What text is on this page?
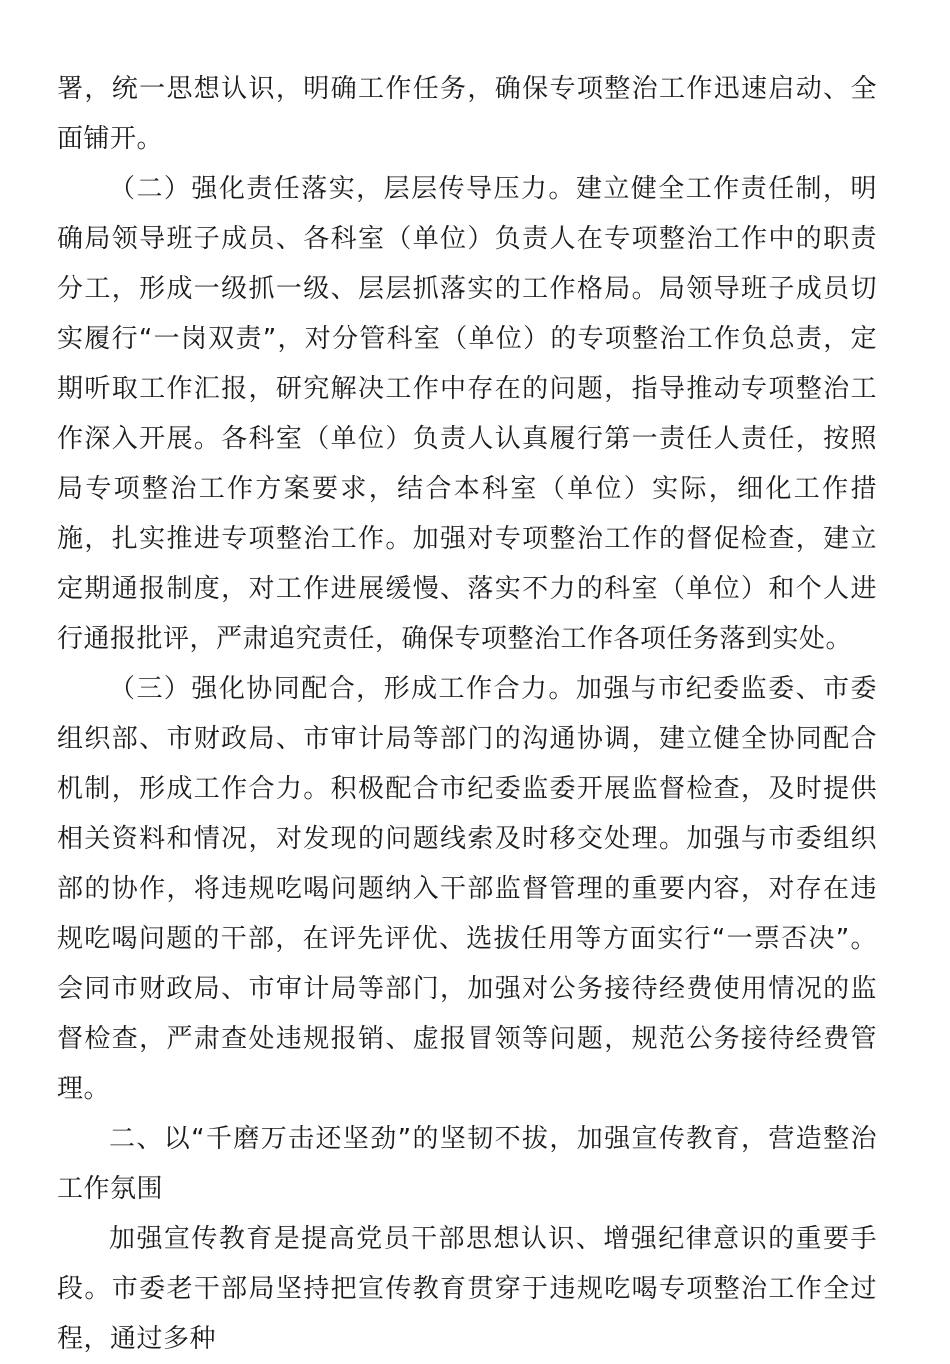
署，统一思想认识，明确工作任务，确保专项整治工作迅速启动、全面铺开。

（二）强化责任落实，层层传导压力。建立健全工作责任制，明确局领导班子成员、各科室（单位）负责人在专项整治工作中的职责分工，形成一级抓一级、层层抓落实的工作格局。局领导班子成员切实履行“一岗双责”，对分管科室（单位）的专项整治工作负总责，定期听取工作汇报，研究解决工作中存在的问题，指导推动专项整治工作深入开展。各科室（单位）负责人认真履行第一责任人责任，按照局专项整治工作方案要求，结合本科室（单位）实际，细化工作措施，扎实推进专项整治工作。加强对专项整治工作的督促检查，建立定期通报制度，对工作进展缓慢、落实不力的科室（单位）和个人进行通报批评，严肃追究责任，确保专项整治工作各项任务落到实处。

（三）强化协同配合，形成工作合力。加强与市纪委监委、市委组织部、市财政局、市审计局等部门的沟通协调，建立健全协同配合机制，形成工作合力。积极配合市纪委监委开展监督检查，及时提供相关资料和情况，对发现的问题线索及时移交处理。加强与市委组织部的协作，将违规吃喝问题纳入干部监督管理的重要内容，对存在违规吃喝问题的干部，在评先评优、选拔任用等方面实行“一票否决”。会同市财政局、市审计局等部门，加强对公务接待经费使用情况的监督检查，严肃查处违规报销、虚报冒领等问题，规范公务接待经费管理。

二、以“千磨万击还坚劲”的坚韧不拔，加强宣传教育，营造整治工作氛围

加强宣传教育是提高党员干部思想认识、增强纪律意识的重要手段。市委老干部局坚持把宣传教育贯穿于违规吃喝专项整治工作全过程，通过多种
